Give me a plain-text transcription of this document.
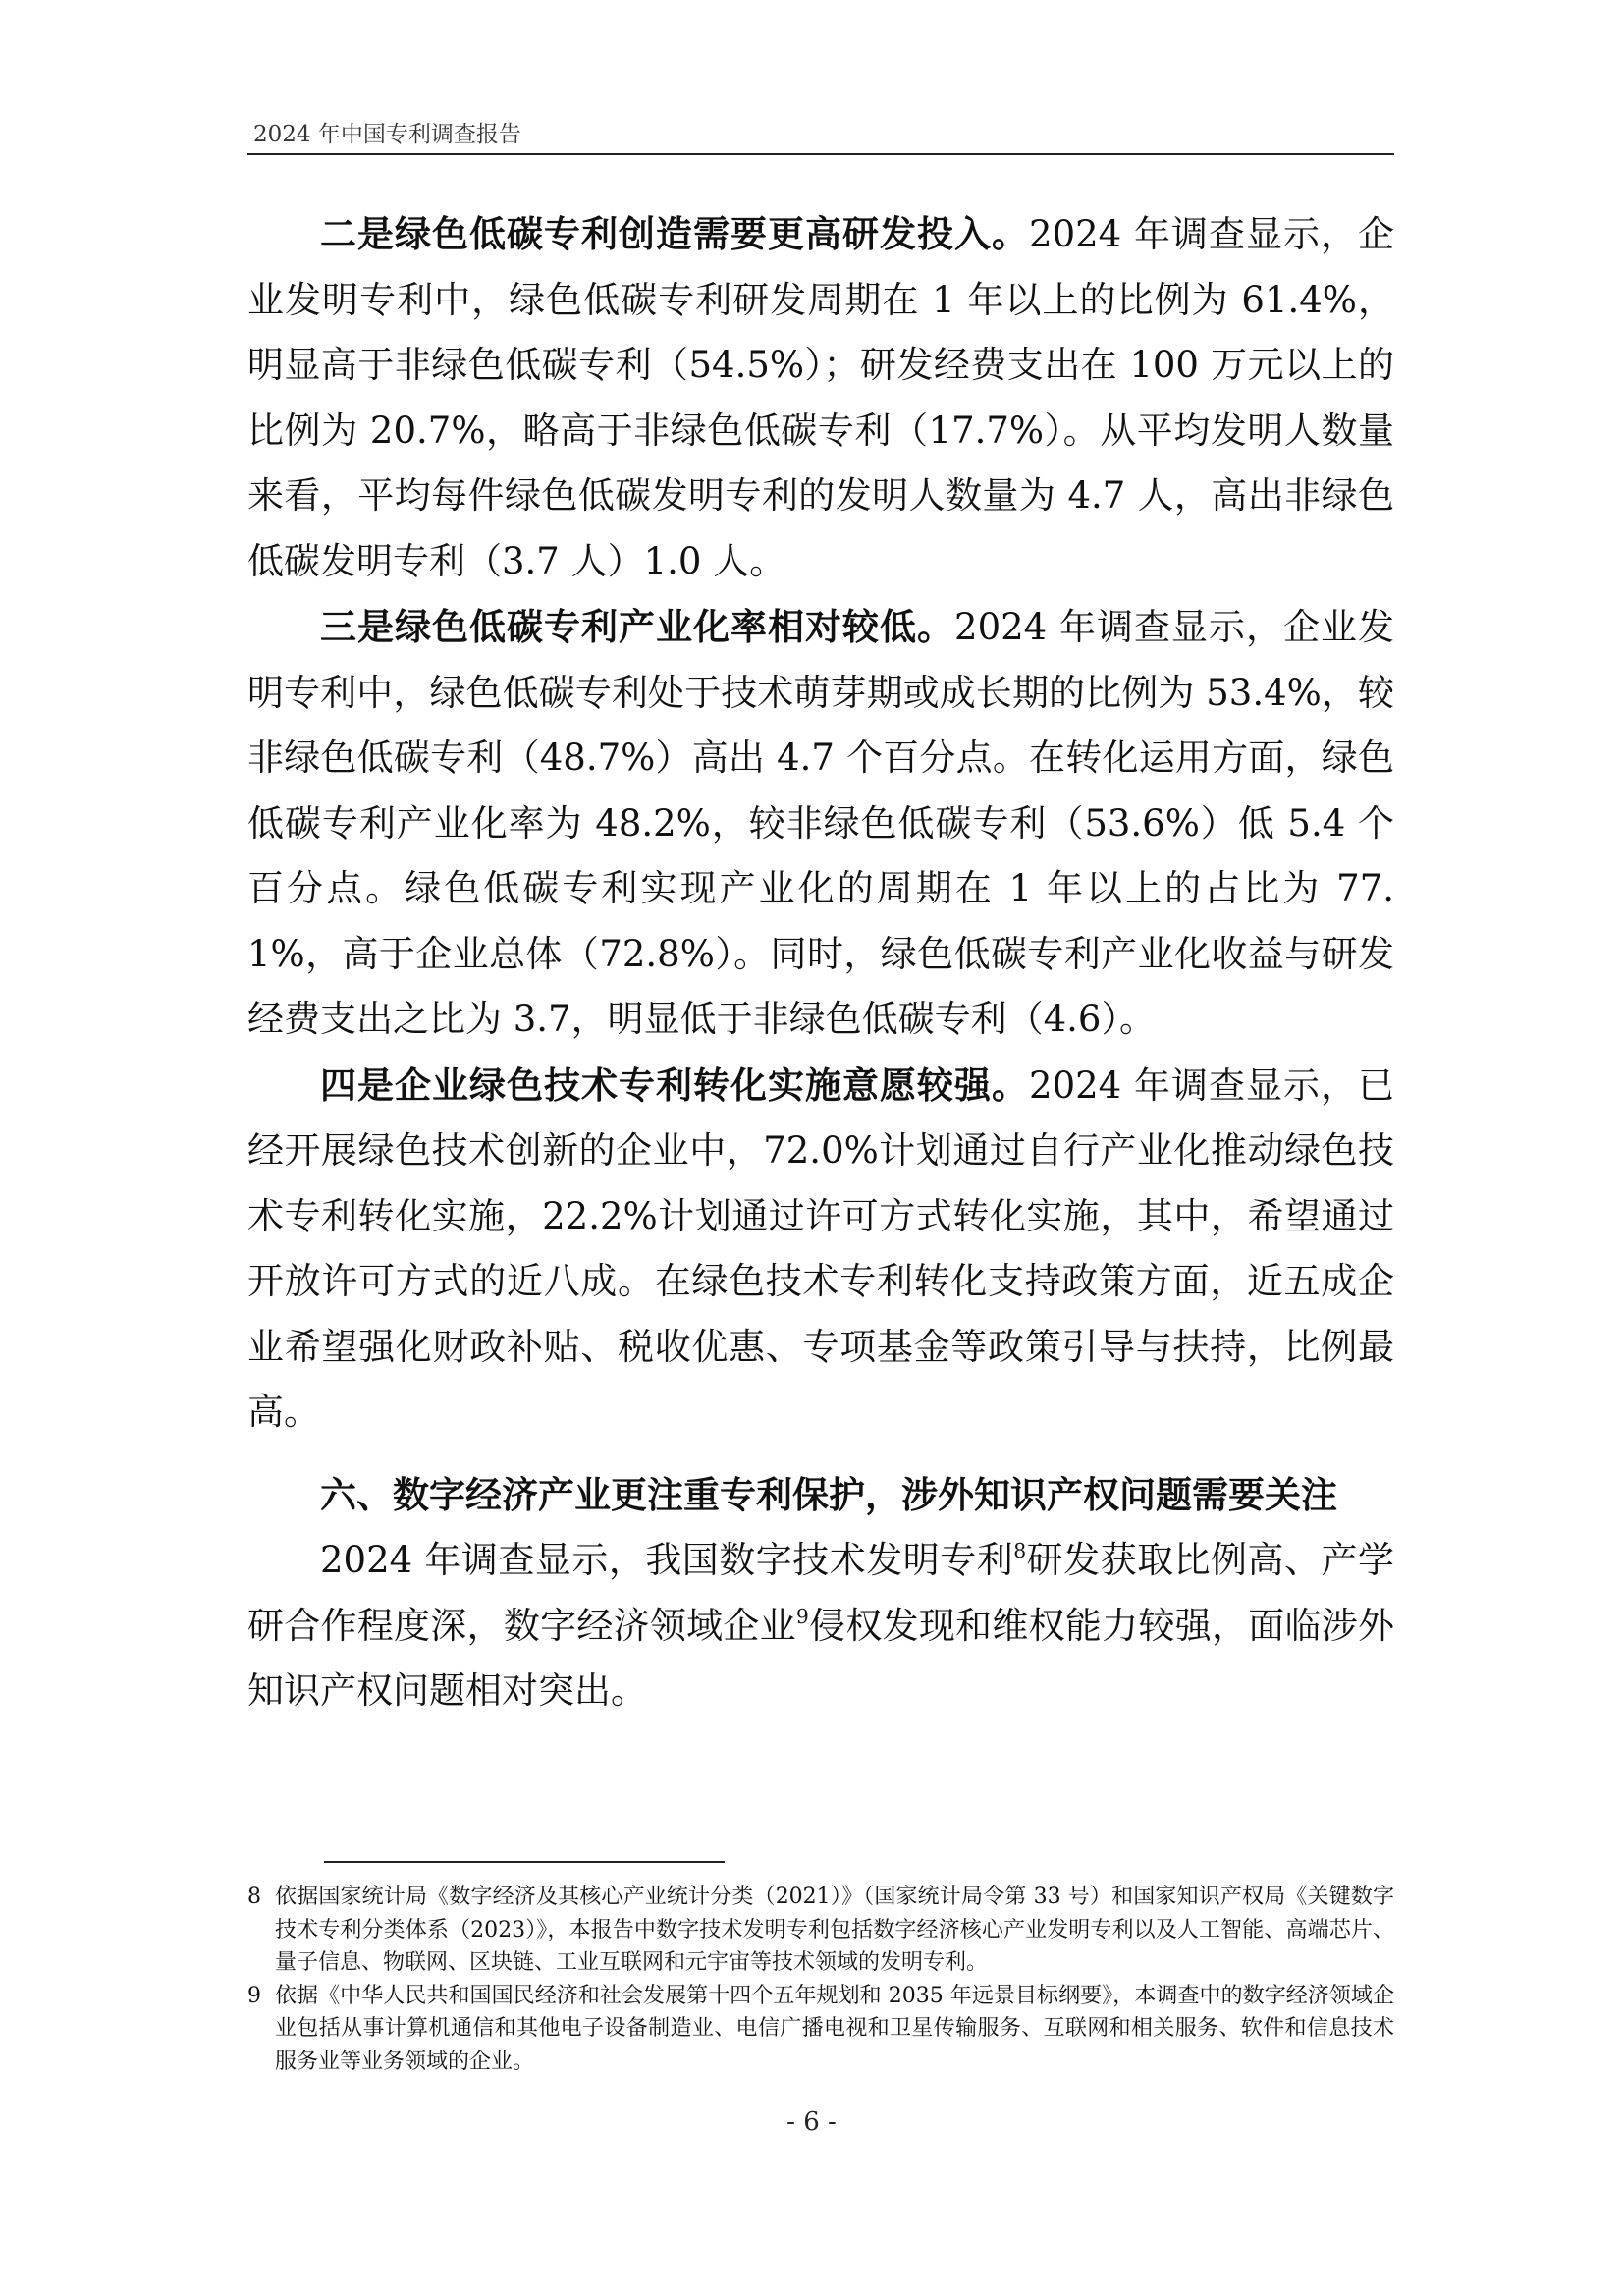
2024 年中国专利调查报告

二是绿色低碳专利创造需要更高研发投入。2024 年调查显示，企业发明专利中，绿色低碳专利研发周期在 1 年以上的比例为 61.4%，明显高于非绿色低碳专利（54.5%）；研发经费支出在 100 万元以上的比例为 20.7%，略高于非绿色低碳专利（17.7%）。从平均发明人数量来看，平均每件绿色低碳发明专利的发明人数量为 4.7 人，高出非绿色低碳发明专利（3.7 人）1.0 人。

三是绿色低碳专利产业化率相对较低。2024 年调查显示，企业发明专利中，绿色低碳专利处于技术萌芽期或成长期的比例为 53.4%，较非绿色低碳专利（48.7%）高出 4.7 个百分点。在转化运用方面，绿色低碳专利产业化率为 48.2%，较非绿色低碳专利（53.6%）低 5.4 个百分点。绿色低碳专利实现产业化的周期在 1 年以上的占比为 77.1%，高于企业总体（72.8%）。同时，绿色低碳专利产业化收益与研发经费支出之比为 3.7，明显低于非绿色低碳专利（4.6）。

四是企业绿色技术专利转化实施意愿较强。2024 年调查显示，已经开展绿色技术创新的企业中，72.0%计划通过自行产业化推动绿色技术专利转化实施，22.2%计划通过许可方式转化实施，其中，希望通过开放许可方式的近八成。在绿色技术专利转化支持政策方面，近五成企业希望强化财政补贴、税收优惠、专项基金等政策引导与扶持，比例最高。

六、数字经济产业更注重专利保护，涉外知识产权问题需要关注

2024 年调查显示，我国数字技术发明专利$^8$研发获取比例高、产学研合作程度深，数字经济领域企业$^9$侵权发现和维权能力较强，面临涉外知识产权问题相对突出。

8 依据国家统计局《数字经济及其核心产业统计分类（2021）》（国家统计局令第 33 号）和国家知识产权局《关键数字技术专利分类体系（2023）》，本报告中数字技术发明专利包括数字经济核心产业发明专利以及人工智能、高端芯片、量子信息、物联网、区块链、工业互联网和元宇宙等技术领域的发明专利。
9 依据《中华人民共和国国民经济和社会发展第十四个五年规划和 2035 年远景目标纲要》，本调查中的数字经济领域企业包括从事计算机通信和其他电子设备制造业、电信广播电视和卫星传输服务、互联网和相关服务、软件和信息技术服务业等业务领域的企业。
- 6 -
